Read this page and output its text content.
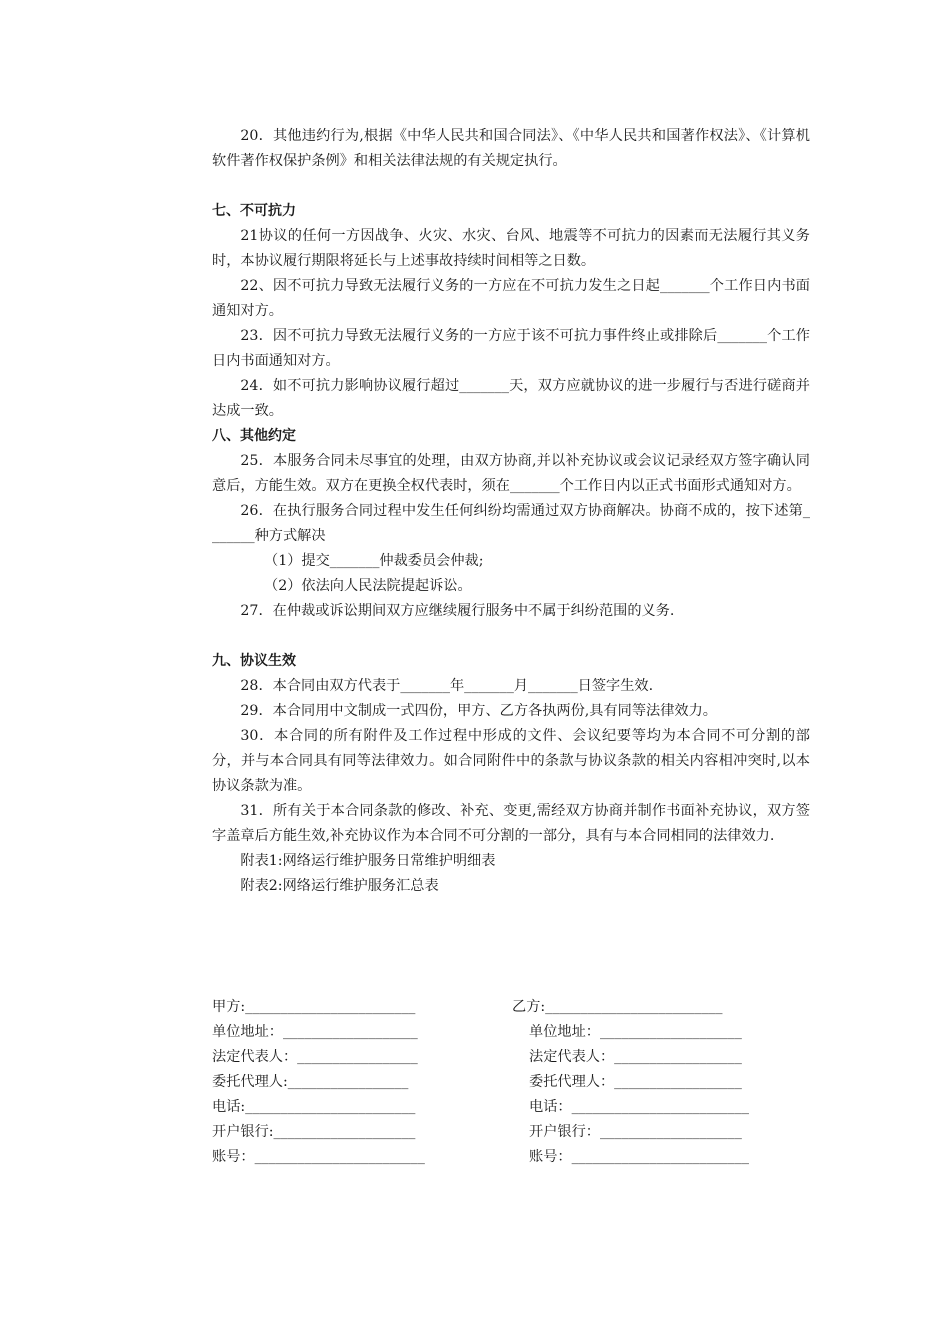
20．其他违约行为,根据《中华人民共和国合同法》、《中华人民共和国著作权法》、《计算机软件著作权保护条例》和相关法律法规的有关规定执行。

七、不可抗力

21协议的任何一方因战争、火灾、水灾、台风、地震等不可抗力的因素而无法履行其义务时，本协议履行期限将延长与上述事故持续时间相等之日数。

22、因不可抗力导致无法履行义务的一方应在不可抗力发生之日起_______个工作日内书面通知对方。

23．因不可抗力导致无法履行义务的一方应于该不可抗力事件终止或排除后_______个工作日内书面通知对方。

24．如不可抗力影响协议履行超过_______天，双方应就协议的进一步履行与否进行磋商并达成一致。

八、其他约定

25．本服务合同未尽事宜的处理，由双方协商,并以补充协议或会议记录经双方签字确认同意后，方能生效。双方在更换全权代表时，须在_______个工作日内以正式书面形式通知对方。

26．在执行服务合同过程中发生任何纠纷均需通过双方协商解决。协商不成的，按下述第_______种方式解决

（1）提交_______仲裁委员会仲裁;

（2）依法向人民法院提起诉讼。

27．在仲裁或诉讼期间双方应继续履行服务中不属于纠纷范围的义务.

九、协议生效

28．本合同由双方代表于_______年_______月_______日签字生效.

29．本合同用中文制成一式四份，甲方、乙方各执两份,具有同等法律效力。

30．本合同的所有附件及工作过程中形成的文件、会议纪要等均为本合同不可分割的部分，并与本合同具有同等法律效力。如合同附件中的条款与协议条款的相关内容相冲突时,以本协议条款为准。

31．所有关于本合同条款的修改、补充、变更,需经双方协商并制作书面补充协议，双方签字盖章后方能生效,补充协议作为本合同不可分割的一部分，具有与本合同相同的法律效力.

附表1:网络运行维护服务日常维护明细表

附表2:网络运行维护服务汇总表

甲方:________________________	乙方:_________________________
单位地址：___________________	单位地址：____________________
法定代表人：_________________	法定代表人：__________________
委托代理人:_________________	委托代理人：__________________
电话:________________________	电话：_________________________
开户银行:____________________	开户银行：____________________
账号：________________________	账号：_________________________
